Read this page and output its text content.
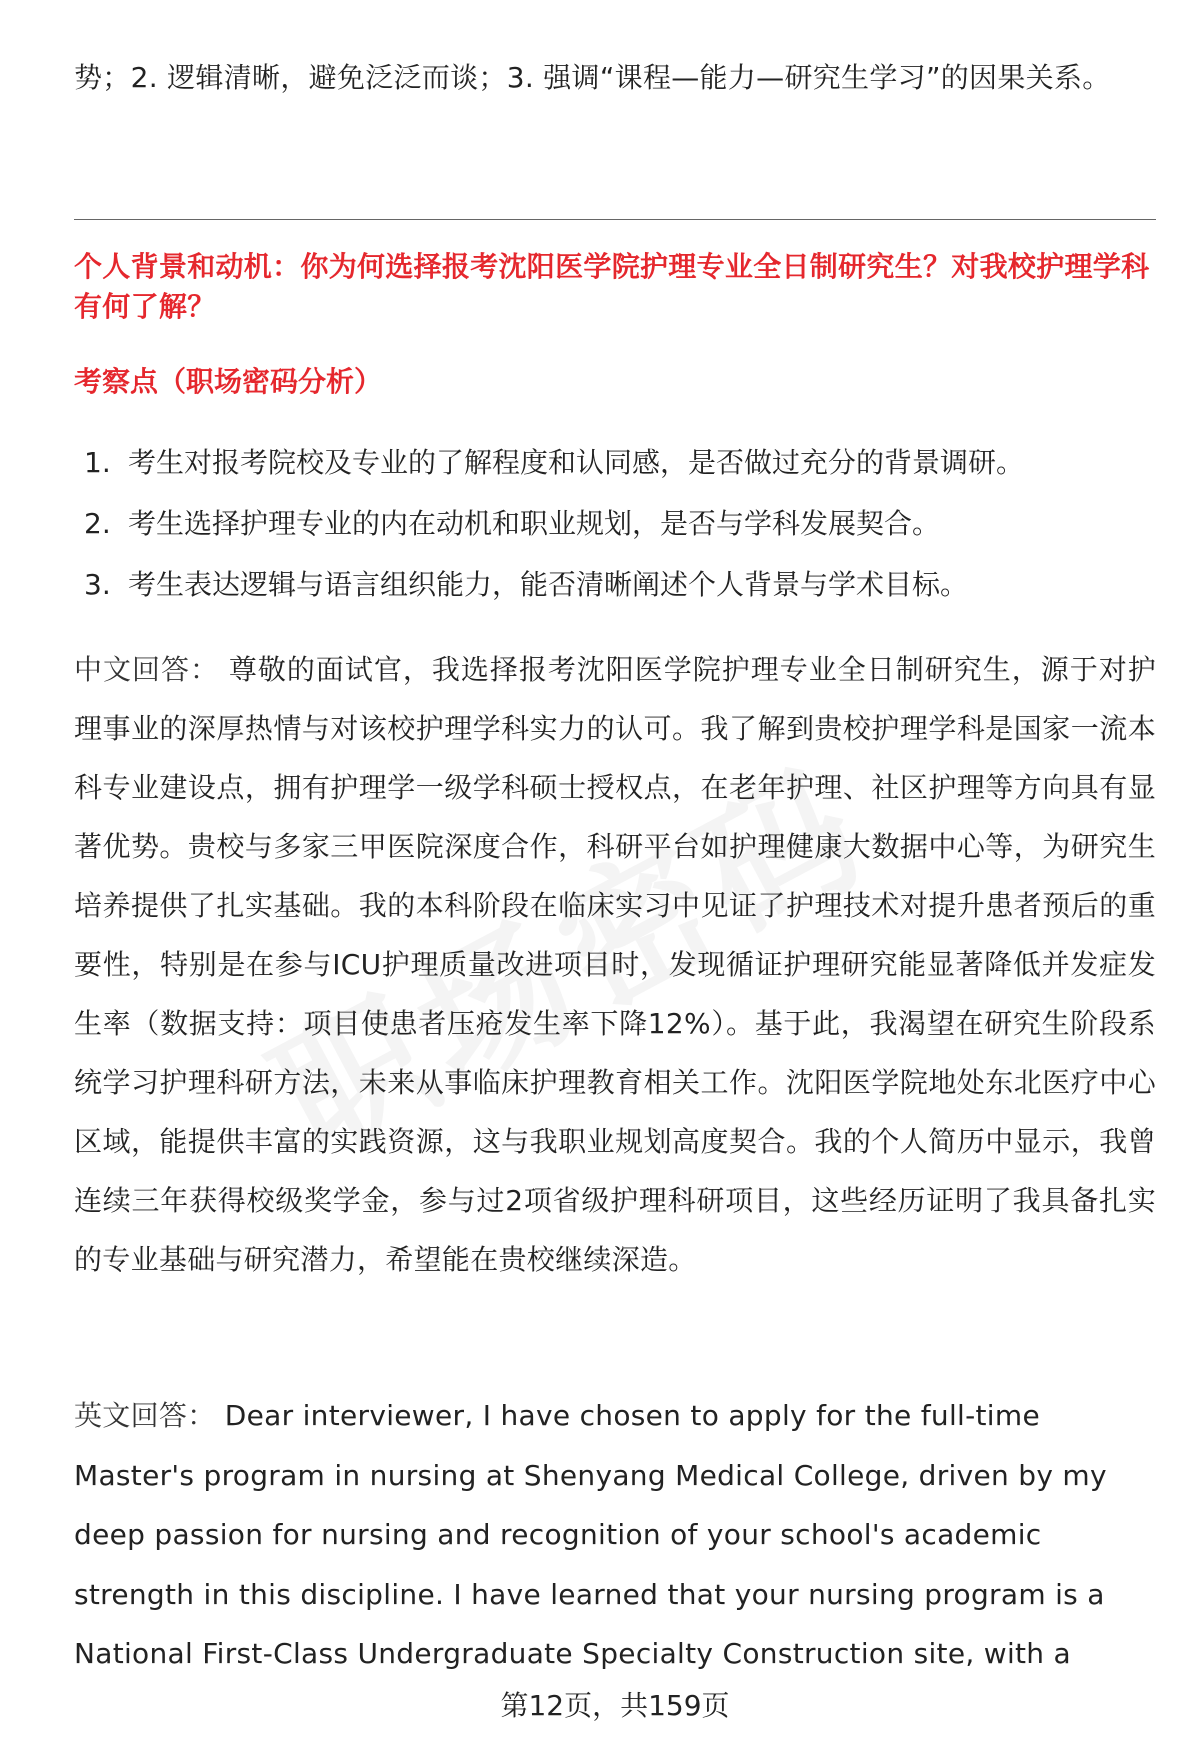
势；2. 逻辑清晰，避免泛泛而谈；3. 强调“课程—能力—研究生学习”的因果关系。

个人背景和动机：你为何选择报考沈阳医学院护理专业全日制研究生？对我校护理学科有何了解？

考察点（职场密码分析）

1. 考生对报考院校及专业的了解程度和认同感，是否做过充分的背景调研。
2. 考生选择护理专业的内在动机和职业规划，是否与学科发展契合。
3. 考生表达逻辑与语言组织能力，能否清晰阐述个人背景与学术目标。

中文回答： 尊敬的面试官，我选择报考沈阳医学院护理专业全日制研究生，源于对护理事业的深厚热情与对该校护理学科实力的认可。我了解到贵校护理学科是国家一流本科专业建设点，拥有护理学一级学科硕士授权点，在老年护理、社区护理等方向具有显著优势。贵校与多家三甲医院深度合作，科研平台如护理健康大数据中心等，为研究生培养提供了扎实基础。我的本科阶段在临床实习中见证了护理技术对提升患者预后的重要性，特别是在参与ICU护理质量改进项目时，发现循证护理研究能显著降低并发症发生率（数据支持：项目使患者压疮发生率下降12%）。基于此，我渴望在研究生阶段系统学习护理科研方法，未来从事临床护理教育相关工作。沈阳医学院地处东北医疗中心区域，能提供丰富的实践资源，这与我职业规划高度契合。我的个人简历中显示，我曾连续三年获得校级奖学金，参与过2项省级护理科研项目，这些经历证明了我具备扎实的专业基础与研究潜力，希望能在贵校继续深造。

英文回答： Dear interviewer, I have chosen to apply for the full-time Master's program in nursing at Shenyang Medical College, driven by my deep passion for nursing and recognition of your school's academic strength in this discipline. I have learned that your nursing program is a National First-Class Undergraduate Specialty Construction site, with a

第12页，共159页
